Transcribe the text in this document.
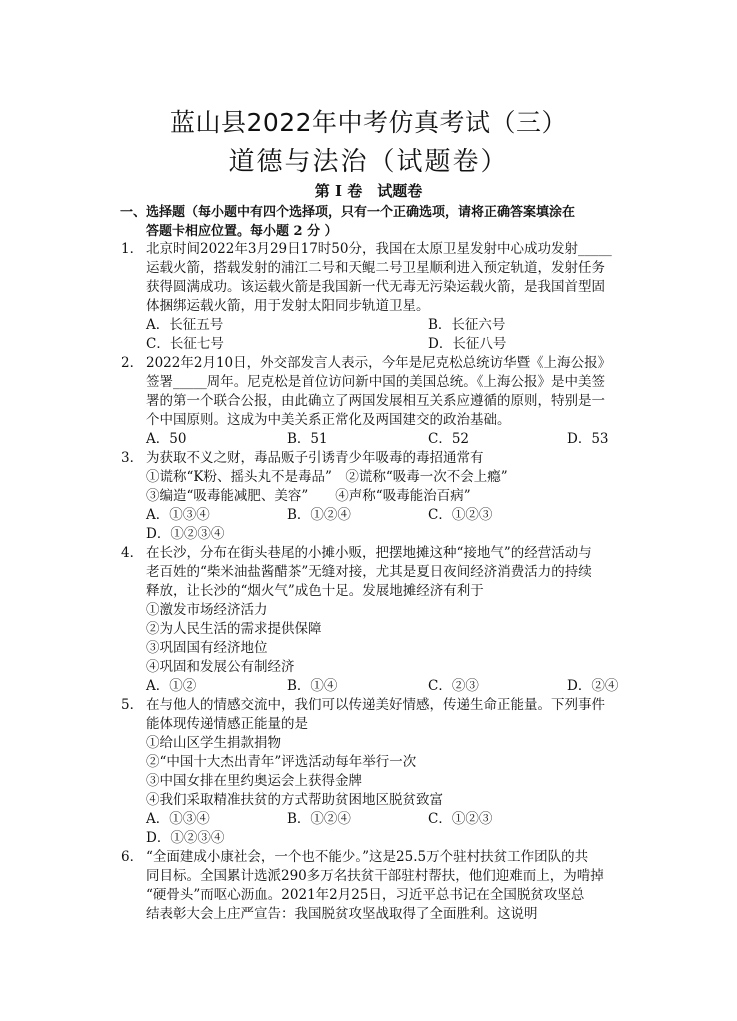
蓝山县2022年中考仿真考试（三）
道德与法治（试题卷）
第 I 卷　试题卷
一、选择题（每小题中有四个选择项，只有一个正确选项，请将正确答案填涂在
答题卡相应位置。每小题 2 分 ）
1． 北京时间2022年3月29日17时50分，我国在太原卫星发射中心成功发射_____
运载火箭，搭载发射的浦江二号和天鲲二号卫星顺利进入预定轨道，发射任务
获得圆满成功。该运载火箭是我国新一代无毒无污染运载火箭，是我国首型固
体捆绑运载火箭，用于发射太阳同步轨道卫星。
A．长征五号	B．长征六号
C．长征七号	D．长征八号
2． 2022年2月10日，外交部发言人表示，今年是尼克松总统访华暨《上海公报》
签署_____周年。尼克松是首位访问新中国的美国总统。《上海公报》是中美签
署的第一个联合公报，由此确立了两国发展相互关系应遵循的原则，特别是一
个中国原则。这成为中美关系正常化及两国建交的政治基础。
A．50	B．51	C．52	D．53
3． 为获取不义之财，毒品贩子引诱青少年吸毒的毒招通常有
①谎称“K粉、摇头丸不是毒品”　②谎称“吸毒一次不会上瘾”
③编造“吸毒能减肥、美容”　　④声称“吸毒能治百病”
A．①③④	B．①②④	C．①②③
D．①②③④
4． 在长沙，分布在街头巷尾的小摊小贩，把摆地摊这种“接地气”的经营活动与
老百姓的“柴米油盐酱醋茶”无缝对接，尤其是夏日夜间经济消费活力的持续
释放，让长沙的“烟火气”成色十足。发展地摊经济有利于
①激发市场经济活力
②为人民生活的需求提供保障
③巩固国有经济地位
④巩固和发展公有制经济
A．①②	B．①④	C．②③	D．②④
5． 在与他人的情感交流中，我们可以传递美好情感，传递生命正能量。下列事件
能体现传递情感正能量的是
①给山区学生捐款捐物
②“中国十大杰出青年”评选活动每年举行一次
③中国女排在里约奥运会上获得金牌
④我们采取精准扶贫的方式帮助贫困地区脱贫致富
A．①③④	B．①②④	C．①②③
D．①②③④
6． “全面建成小康社会，一个也不能少。”这是25.5万个驻村扶贫工作团队的共
同目标。全国累计选派290多万名扶贫干部驻村帮扶，他们迎难而上，为啃掉
“硬骨头”而呕心沥血。2021年2月25日，习近平总书记在全国脱贫攻坚总
结表彰大会上庄严宣告：我国脱贫攻坚战取得了全面胜利。这说明
